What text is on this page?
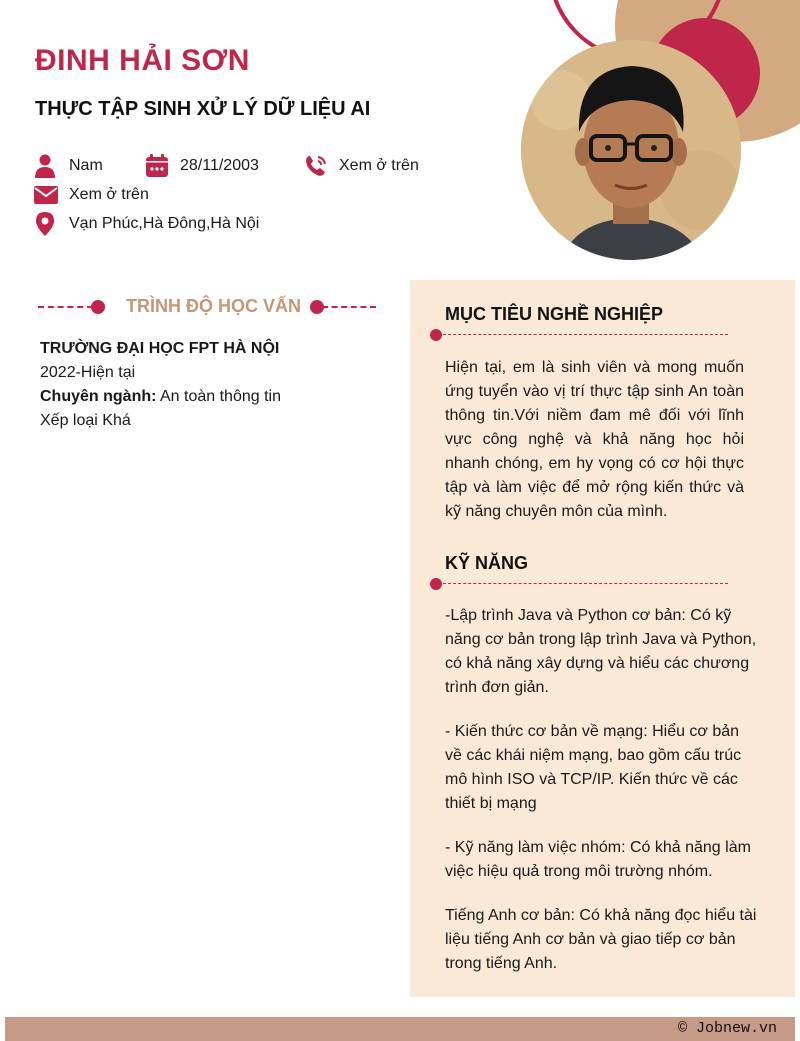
ĐINH HẢI SƠN
THỰC TẬP SINH XỬ LÝ DỮ LIỆU AI
Nam	28/11/2003	Xem ở trên
Xem ở trên
Vạn Phúc,Hà Đông,Hà Nội
TRÌNH ĐỘ HỌC VẤN
TRƯỜNG ĐẠI HỌC FPT HÀ NỘI
2022-Hiện tại
Chuyên ngành: An toàn thông tin
Xếp loại Khá
MỤC TIÊU NGHỀ NGHIỆP
Hiện tại, em là sinh viên và mong muốn ứng tuyển vào vị trí thực tập sinh An toàn thông tin.Với niềm đam mê đối với lĩnh vực công nghệ và khả năng học hỏi nhanh chóng, em hy vọng có cơ hội thực tập và làm việc để mở rộng kiến thức và kỹ năng chuyên môn của mình.
KỸ NĂNG
-Lập trình Java và Python cơ bản: Có kỹ năng cơ bản trong lập trình Java và Python, có khả năng xây dựng và hiểu các chương trình đơn giản.
- Kiến thức cơ bản về mạng: Hiểu cơ bản về các khái niệm mạng, bao gồm cấu trúc mô hình ISO và TCP/IP. Kiến thức về các thiết bị mạng
- Kỹ năng làm việc nhóm: Có khả năng làm việc hiệu quả trong môi trường nhóm.
Tiếng Anh cơ bản: Có khả năng đọc hiểu tài liệu tiếng Anh cơ bản và giao tiếp cơ bản trong tiếng Anh.
© Jobnew.vn
